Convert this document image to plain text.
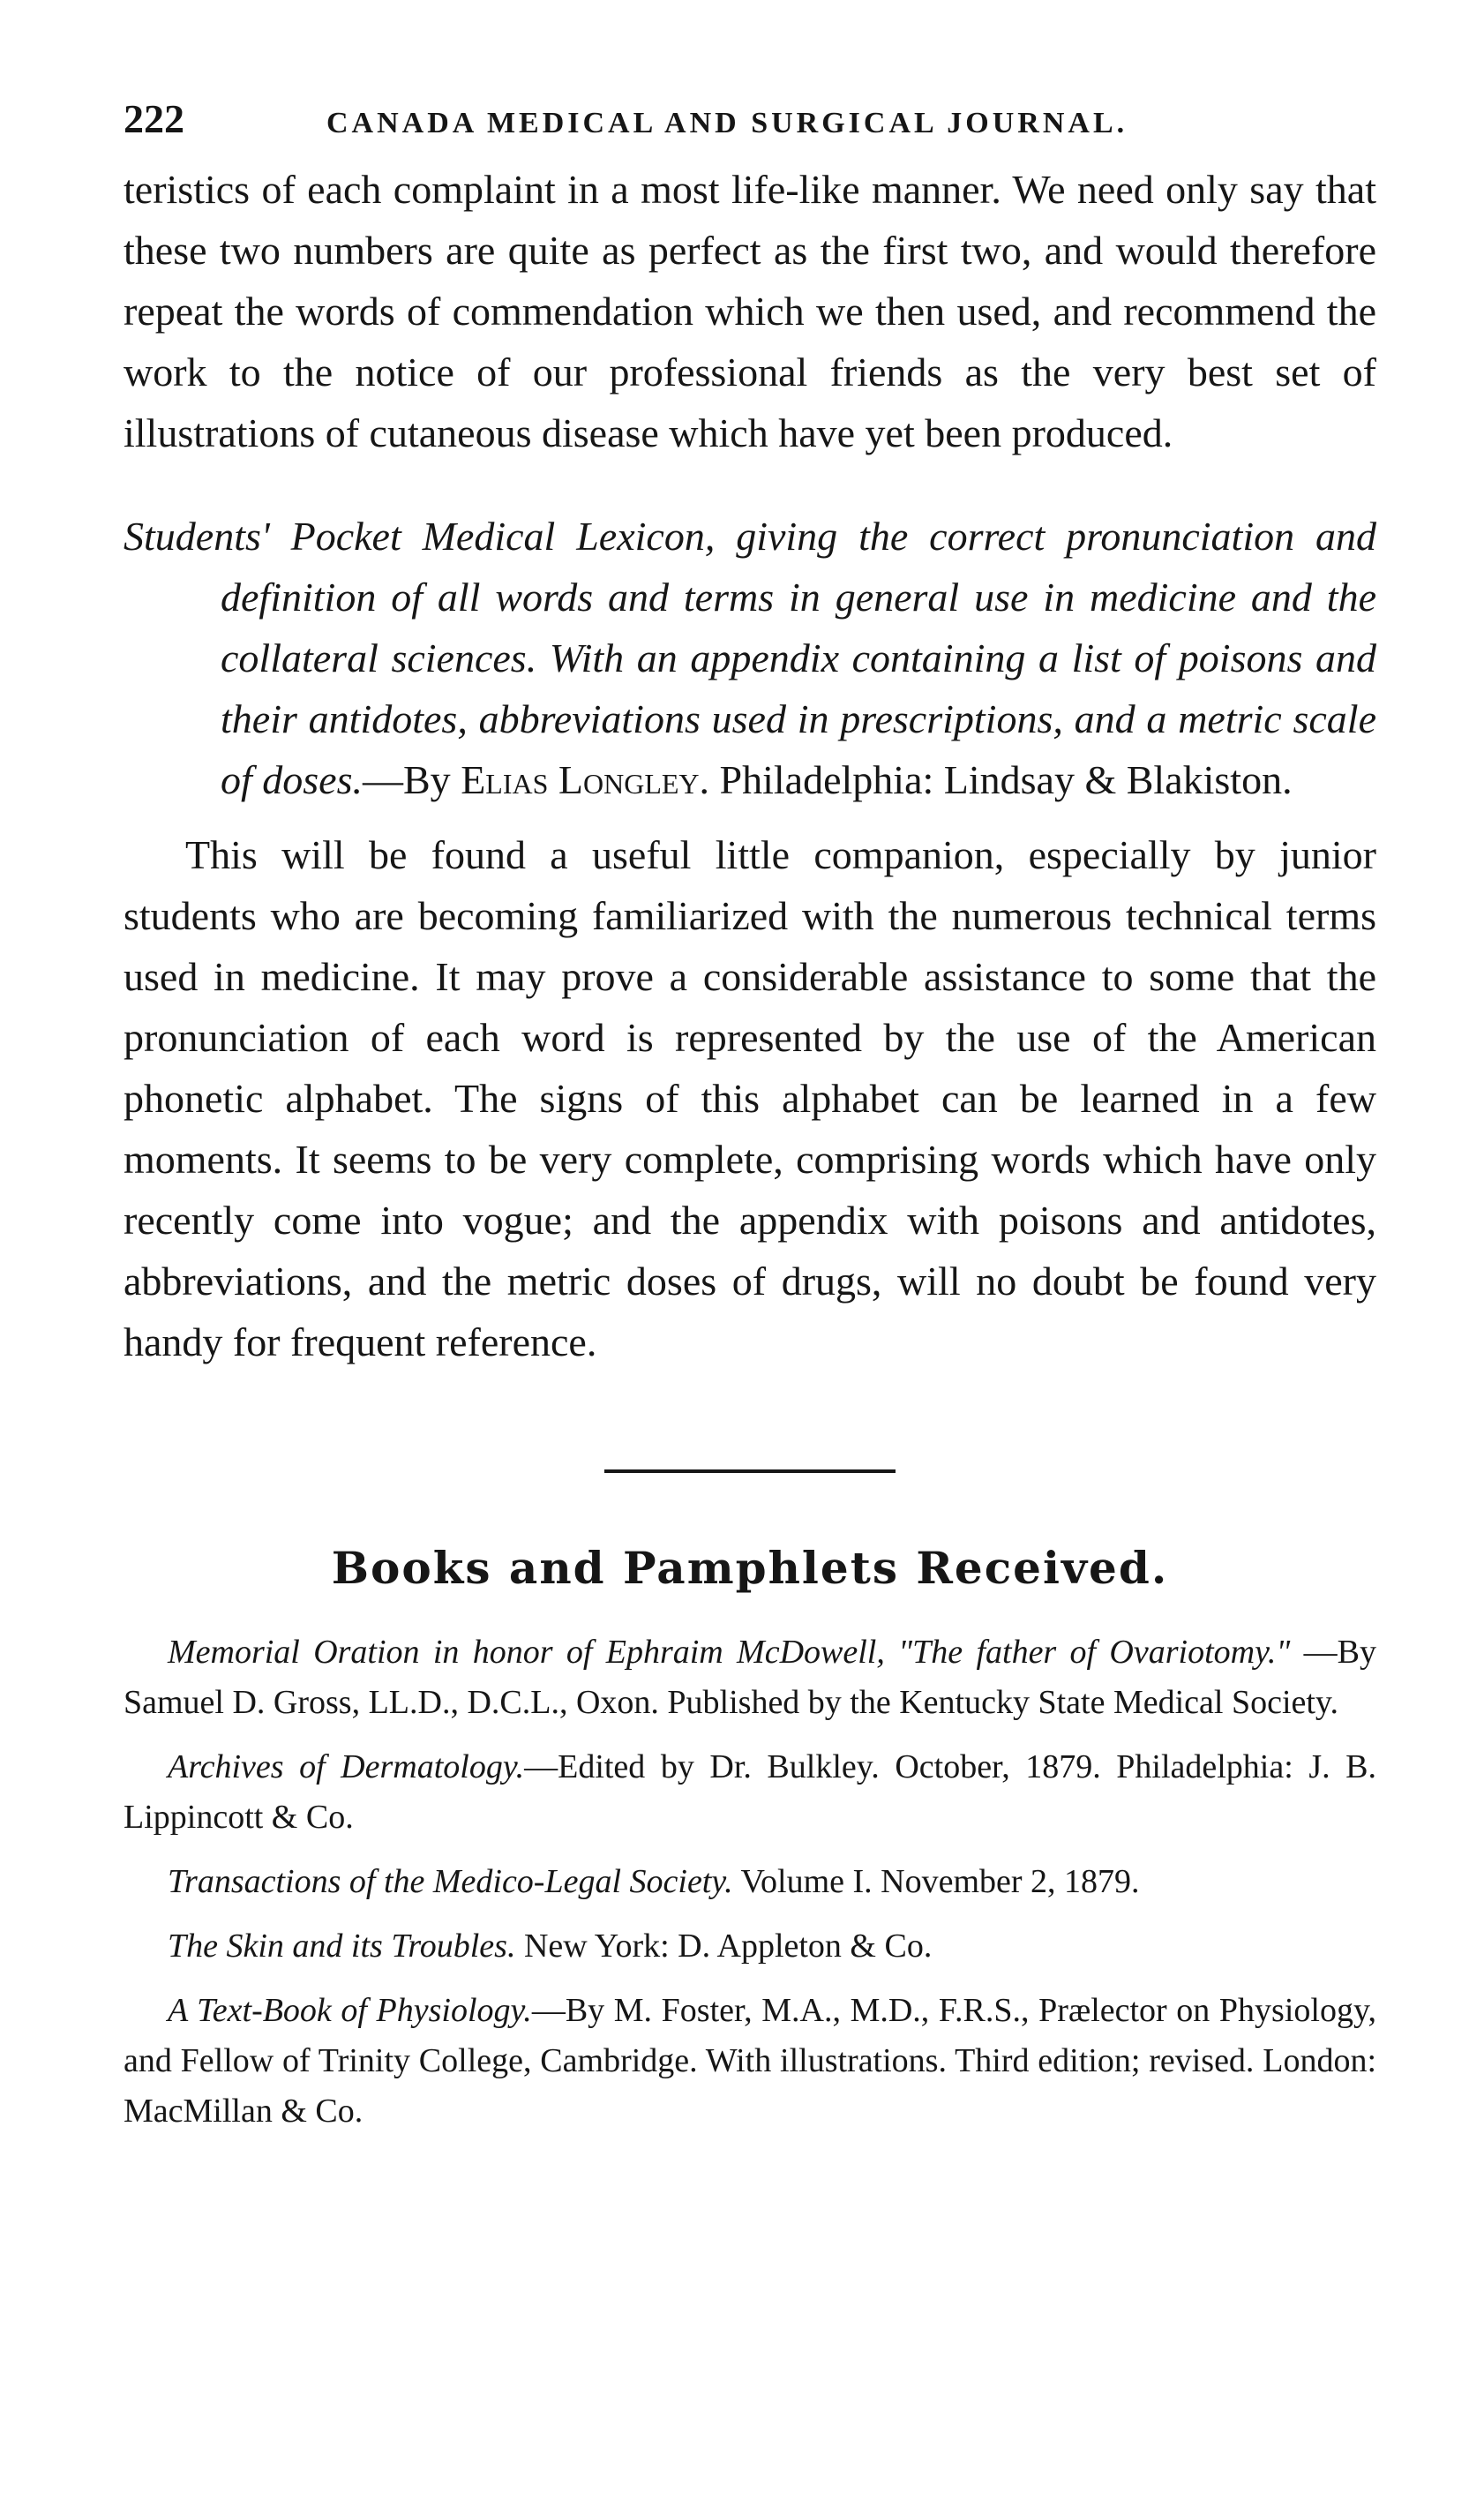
222	CANADA MEDICAL AND SURGICAL JOURNAL.

teristics of each complaint in a most life-like manner. We need only say that these two numbers are quite as perfect as the first two, and would therefore repeat the words of commendation which we then used, and recommend the work to the notice of our professional friends as the very best set of illustrations of cutaneous disease which have yet been produced.

Students' Pocket Medical Lexicon, giving the correct pronunciation and definition of all words and terms in general use in medicine and the collateral sciences. With an appendix containing a list of poisons and their antidotes, abbreviations used in prescriptions, and a metric scale of doses.—By Elias Longley. Philadelphia: Lindsay & Blakiston.

This will be found a useful little companion, especially by junior students who are becoming familiarized with the numerous technical terms used in medicine. It may prove a considerable assistance to some that the pronunciation of each word is represented by the use of the American phonetic alphabet. The signs of this alphabet can be learned in a few moments. It seems to be very complete, comprising words which have only recently come into vogue; and the appendix with poisons and antidotes, abbreviations, and the metric doses of drugs, will no doubt be found very handy for frequent reference.

Books and Pamphlets Received.

Memorial Oration in honor of Ephraim McDowell, "The father of Ovariotomy." —By Samuel D. Gross, LL.D., D.C.L., Oxon. Published by the Kentucky State Medical Society.

Archives of Dermatology.—Edited by Dr. Bulkley. October, 1879. Philadelphia: J. B. Lippincott & Co.

Transactions of the Medico-Legal Society. Volume I. November 2, 1879.

The Skin and its Troubles. New York: D. Appleton & Co.

A Text-Book of Physiology.—By M. Foster, M.A., M.D., F.R.S., Prælector on Physiology, and Fellow of Trinity College, Cambridge. With illustrations. Third edition; revised. London: MacMillan & Co.
